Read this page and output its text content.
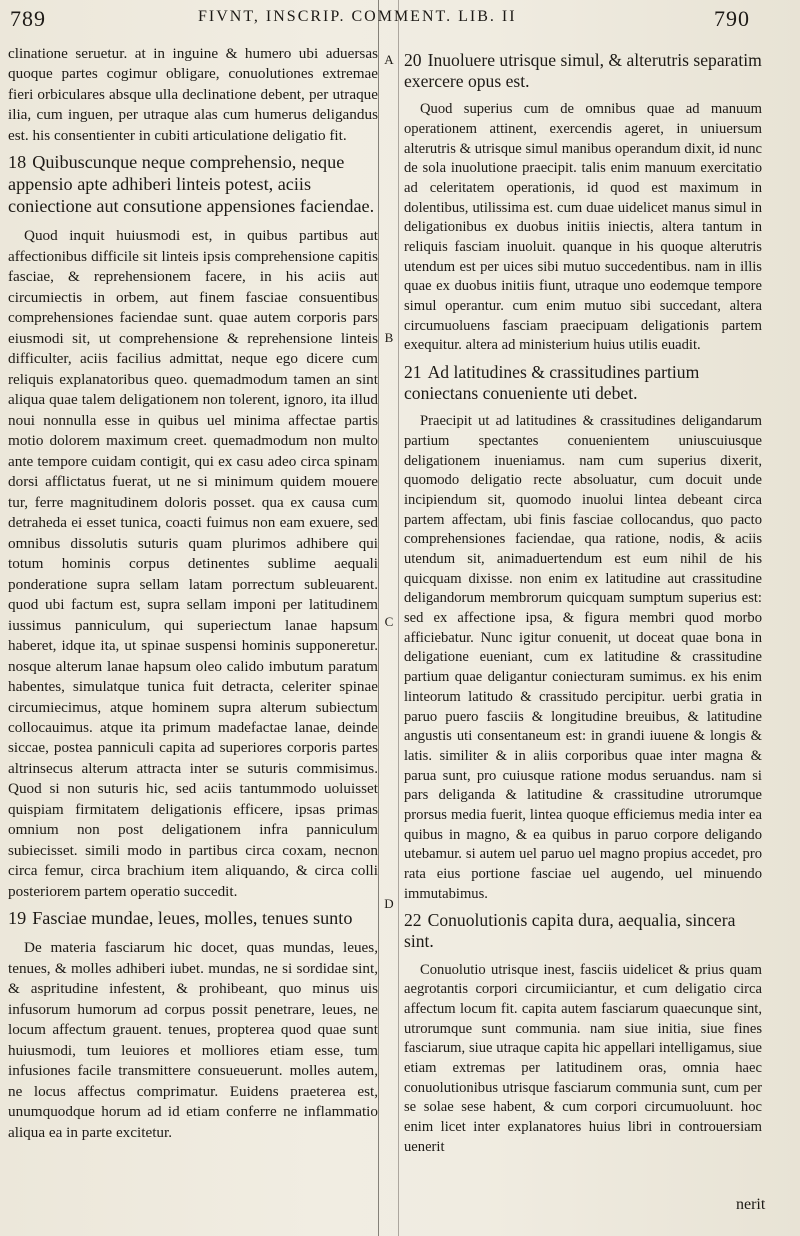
789	FIVNT, INSCRIP. COMMENT. LIB. II	790
A
B
C
D

clinatione seruetur. at in inguine & humero ubi aduersas quoque partes cogimur obligare, conuolutiones extremae fieri orbiculares absque ulla declinatione debent, per utraque ilia, cum inguen, per utraque alas cum humerus deligandus est. his consentienter in cubiti articulatione deligatio fit.

18 Quibuscunque neque comprehensio, neque appensio apte adhiberi linteis potest, aciis coniectione aut consutione appensiones faciendae.

Quod inquit huiusmodi est, in quibus partibus aut affectionibus difficile sit linteis ipsis comprehensione capitis fasciae, & reprehensionem facere, in his aciis aut circumiectis in orbem, aut finem fasciae consuentibus comprehensiones faciendae sunt. quae autem corporis pars eiusmodi sit, ut comprehensione & reprehensione linteis difficulter, aciis facilius admittat, neque ego dicere cum reliquis explanatoribus queo. quemadmodum tamen an sint aliqua quae talem deligationem non tolerent, ignoro, ita illud noui nonnulla esse in quibus uel minima affectae partis motio dolorem maximum creet. quemadmodum non multo ante tempore cuidam contigit, qui ex casu adeo circa spinam dorsi afflictatus fuerat, ut ne si minimum quidem mouere tur, ferre magnitudinem doloris posset. qua ex causa cum detraheda ei esset tunica, coacti fuimus non eam exuere, sed omnibus dissolutis suturis quam plurimos adhibere qui totum hominis corpus detinentes sublime aequali ponderatione supra sellam latam porrectum subleuarent. quod ubi factum est, supra sellam imponi per latitudinem iussimus panniculum, qui superiectum lanae hapsum haberet, idque ita, ut spinae suspensi hominis supponeretur. nosque alterum lanae hapsum oleo calido imbutum paratum habentes, simulatque tunica fuit detracta, celeriter spinae circumiecimus, atque hominem supra alterum subiectum collocauimus. atque ita primum madefactae lanae, deinde siccae, postea panniculi capita ad superiores corporis partes altrinsecus alterum attracta inter se suturis commisimus. Quod si non suturis hic, sed aciis tantummodo uoluisset quispiam firmitatem deligationis efficere, ipsas primas omnium non post deligationem infra panniculum subiecisset. simili modo in partibus circa coxam, necnon circa femur, circa brachium item aliquando, & circa colli posteriorem partem operatio succedit.

19 Fasciae mundae, leues, molles, tenues sunto

De materia fasciarum hic docet, quas mundas, leues, tenues, & molles adhiberi iubet. mundas, ne si sordidae sint, & aspritudine infestent, & prohibeant, quo minus uis infusorum humorum ad corpus possit penetrare, leues, ne locum affectum grauent. tenues, propterea quod quae sunt huiusmodi, tum leuiores et molliores etiam esse, tum infusiones facile transmittere consueuerunt. molles autem, ne locus affectus comprimatur. Euidens praeterea est, unumquodque horum ad id etiam conferre ne inflammatio aliqua ea in parte excitetur.

20 Inuoluere utrisque simul, & alterutris separatim exercere opus est.

Quod superius cum de omnibus quae ad manuum operationem attinent, exercendis ageret, in uniuersum alterutris & utrisque simul manibus operandum dixit, id nunc de sola inuolutione praecipit. talis enim manuum exercitatio ad celeritatem operationis, id quod est maximum in dolentibus, utilissima est. cum duae uidelicet manus simul in deligationibus ex duobus initiis iniectis, altera tantum in reliquis fasciam inuoluit. quanque in his quoque alterutris utendum est per uices sibi mutuo succedentibus. nam in illis quae ex duobus initiis fiunt, utraque uno eodemque tempore simul operantur. cum enim mutuo sibi succedant, altera circumuoluens fasciam praecipuam deligationis partem exequitur. altera ad ministerium huius utilis euadit.

21 Ad latitudines & crassitudines partium coniectans conueniente uti debet.

Praecipit ut ad latitudines & crassitudines deligandarum partium spectantes conuenientem uniuscuiusque deligationem inueniamus. nam cum superius dixerit, quomodo deligatio recte absoluatur, cum docuit unde incipiendum sit, quomodo inuolui lintea debeant circa partem affectam, ubi finis fasciae collocandus, quo pacto comprehensiones faciendae, qua ratione, nodis, & aciis utendum sit, animaduertendum est eum nihil de his quicquam dixisse. non enim ex latitudine aut crassitudine deligandorum membrorum quicquam sumptum superius est: sed ex affectione ipsa, & figura membri quod morbo afficiebatur. Nunc igitur conuenit, ut doceat quae bona in deligatione eueniant, cum ex latitudine & crassitudine partium quae deligantur coniecturam sumimus. ex his enim linteorum latitudo & crassitudo percipitur. uerbi gratia in paruo puero fasciis & longitudine breuibus, & latitudine angustis uti consentaneum est: in grandi iuuene & longis & latis. similiter & in aliis corporibus quae inter magna & parua sunt, pro cuiusque ratione modus seruandus. nam si pars deliganda & latitudine & crassitudine utrorumque prorsus media fuerit, lintea quoque efficiemus media inter ea quibus in magno, & ea quibus in paruo corpore deligando utebamur. si autem uel paruo uel magno propius accedet, pro rata eius portione fasciae uel augendo, uel minuendo immutabimus.

22 Conuolutionis capita dura, aequalia, sincera sint.

Conuolutio utrisque inest, fasciis uidelicet & prius quam aegrotantis corpori circumiiciantur, et cum deligatio circa affectum locum fit. capita autem fasciarum quaecunque sint, utrorumque sunt communia. nam siue initia, siue fines fasciarum, siue utraque capita hic appellari intelligamus, siue etiam extremas per latitudinem oras, omnia haec conuolutionibus utrisque fasciarum communia sunt, cum per se solae sese habent, & cum corpori circumuoluunt. hoc enim licet inter explanatores huius libri in controuersiam uenerit

nerit
